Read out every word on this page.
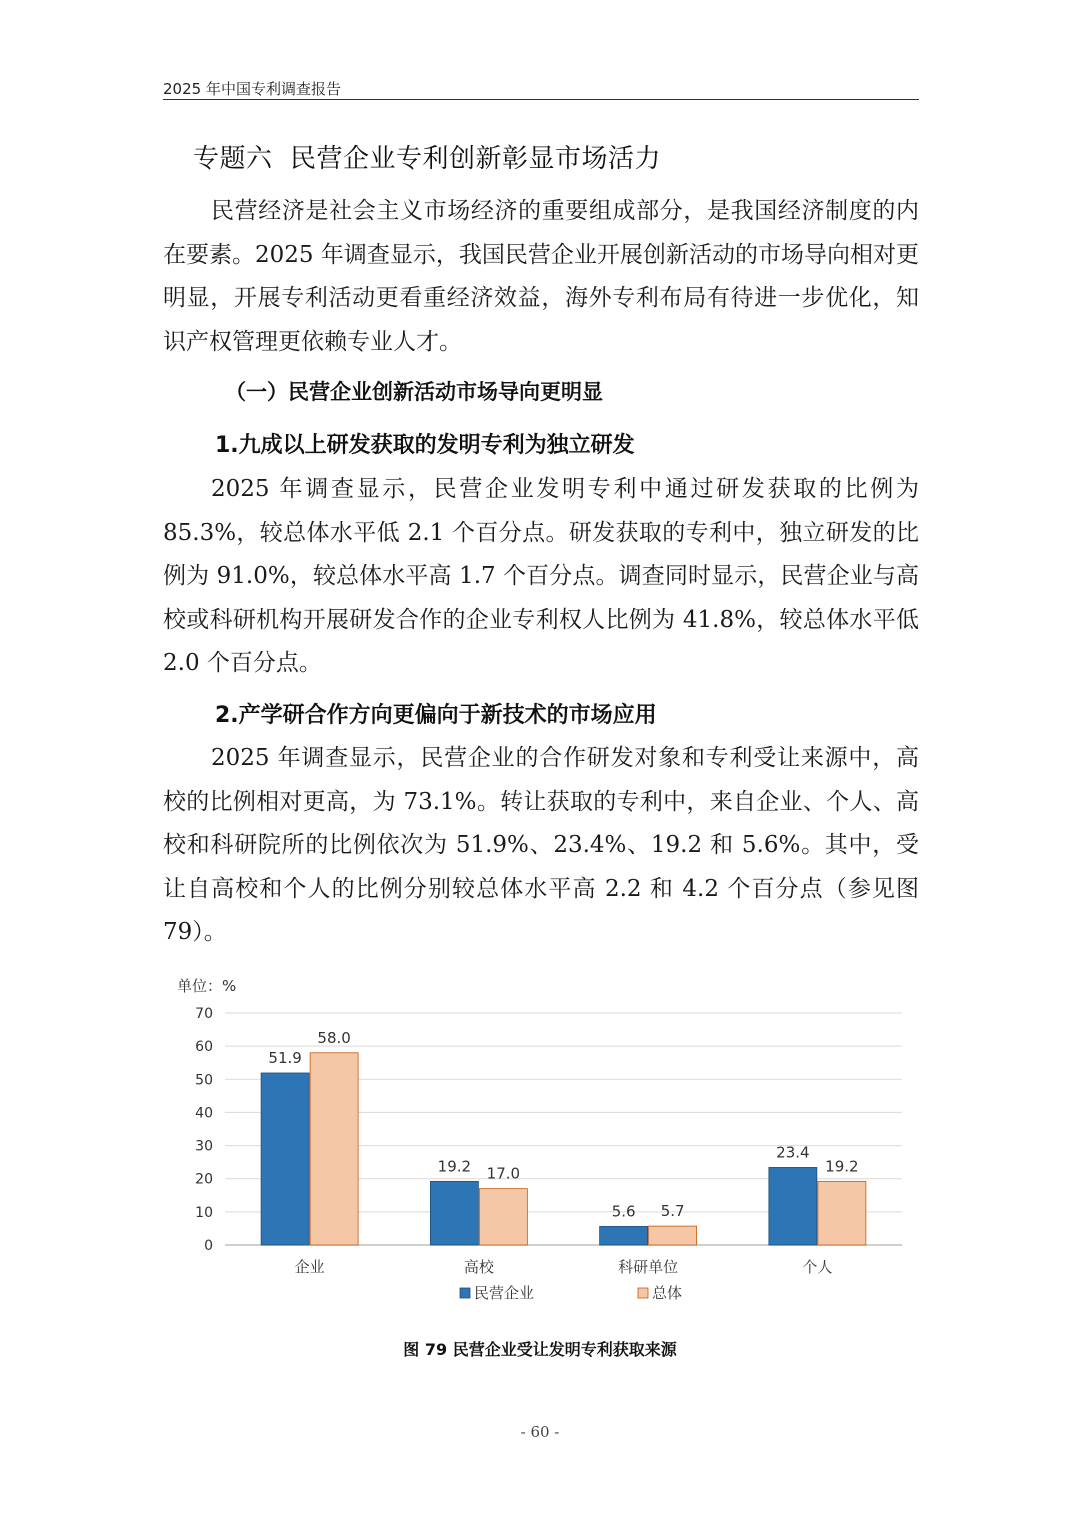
2025 年中国专利调查报告
专题六  民营企业专利创新彰显市场活力

民营经济是社会主义市场经济的重要组成部分，是我国经济制度的内在要素。2025 年调查显示，我国民营企业开展创新活动的市场导向相对更明显，开展专利活动更看重经济效益，海外专利布局有待进一步优化，知识产权管理更依赖专业人才。

（一）民营企业创新活动市场导向更明显
1.九成以上研发获取的发明专利为独立研发

2025 年调查显示，民营企业发明专利中通过研发获取的比例为 85.3%，较总体水平低 2.1 个百分点。研发获取的专利中，独立研发的比例为 91.0%，较总体水平高 1.7 个百分点。调查同时显示，民营企业与高校或科研机构开展研发合作的企业专利权人比例为 41.8%，较总体水平低 2.0 个百分点。

2.产学研合作方向更偏向于新技术的市场应用

2025 年调查显示，民营企业的合作研发对象和专利受让来源中，高校的比例相对更高，为 73.1%。转让获取的专利中，来自企业、个人、高校和科研院所的比例依次为 51.9%、23.4%、19.2 和 5.6%。其中，受让自高校和个人的比例分别较总体水平高 2.2 和 4.2 个百分点（参见图 79）。

单位：%
0
10
20
30
40
50
60
70
51.9
58.0
企业
19.2 17.0
高校
5.6 5.7
科研单位
23.4
19.2
个人
民营企业	总体
图 79 民营企业受让发明专利获取来源
- 60 -
